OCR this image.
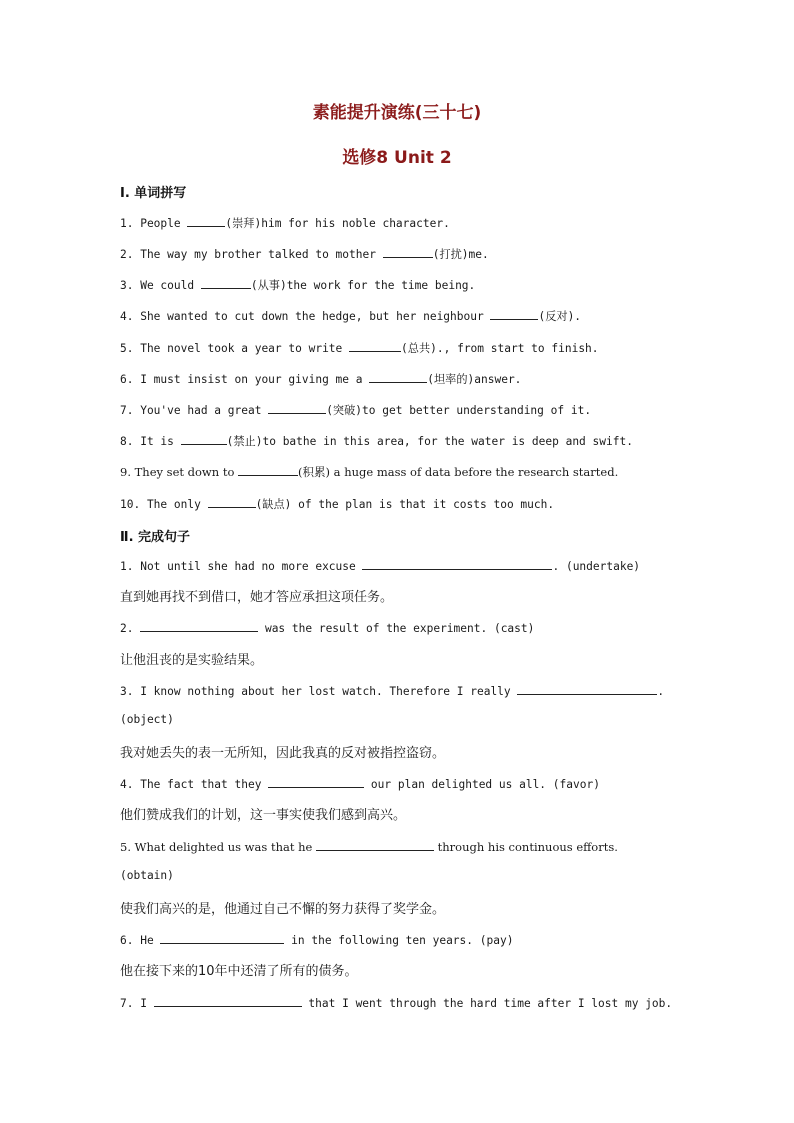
素能提升演练(三十七)
选修8 Unit 2
Ⅰ. 单词拼写
1. People	(崇拜)him for his noble character.
2. The way my brother talked to mother	(打扰)me.
3. We could	(从事)the work for the time being.
4. She wanted to cut down the hedge, but her neighbour	(反对).
5. The novel took a year to write	(总共)., from start to finish.
6. I must insist on your giving me a	(坦率的)answer.
7. You've had a great	(突破)to get better understanding of it.
8. It is	(禁止)to bathe in this area, for the water is deep and swift.
9. They set down to	(积累) a huge mass of data before the research started.
10. The only	(缺点) of the plan is that it costs too much.
Ⅱ. 完成句子
1. Not until she had no more excuse	. (undertake)
直到她再找不到借口，她才答应承担这项任务。
2.	was the result of the experiment. (cast)
让他沮丧的是实验结果。
3. I know nothing about her lost watch. Therefore I really	.
(object)
我对她丢失的表一无所知，因此我真的反对被指控盗窃。
4. The fact that they	our plan delighted us all. (favor)
他们赞成我们的计划，这一事实使我们感到高兴。
5. What delighted us was that he	through his continuous efforts.
(obtain)
使我们高兴的是，他通过自己不懈的努力获得了奖学金。
6. He	in the following ten years. (pay)
他在接下来的10年中还清了所有的债务。
7. I	that I went through the hard time after I lost my job.
